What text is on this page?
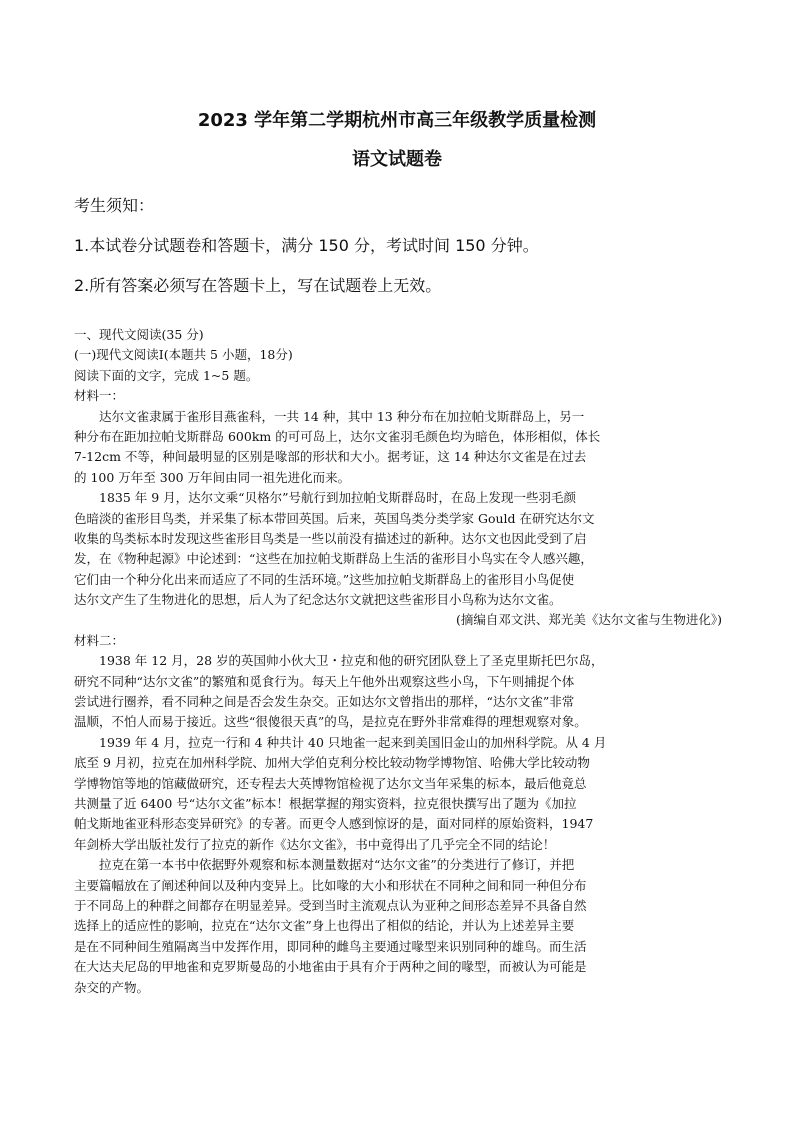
2023 学年第二学期杭州市高三年级教学质量检测
语文试题卷
考生须知：
1.本试卷分试题卷和答题卡，满分 150 分，考试时间 150 分钟。
2.所有答案必须写在答题卡上，写在试题卷上无效。
一、现代文阅读(35 分)
(一)现代文阅读Ⅰ(本题共 5 小题，18分)
阅读下面的文字，完成 1~5 题。
材料一：
达尔文雀隶属于雀形目燕雀科，一共 14 种，其中 13 种分布在加拉帕戈斯群岛上，另一
种分布在距加拉帕戈斯群岛 600km 的可可岛上，达尔文雀羽毛颜色均为暗色，体形相似，体长
7-12cm 不等，种间最明显的区别是喙部的形状和大小。据考证，这 14 种达尔文雀是在过去
的 100 万年至 300 万年间由同一祖先进化而来。
1835 年 9 月，达尔文乘“贝格尔”号航行到加拉帕戈斯群岛时，在岛上发现一些羽毛颜
色暗淡的雀形目鸟类，并采集了标本带回英国。后来，英国鸟类分类学家 Gould 在研究达尔文
收集的鸟类标本时发现这些雀形目鸟类是一些以前没有描述过的新种。达尔文也因此受到了启
发，在《物种起源》中论述到：“这些在加拉帕戈斯群岛上生活的雀形目小鸟实在令人感兴趣，
它们由一个种分化出来而适应了不同的生活环境。”这些加拉帕戈斯群岛上的雀形目小鸟促使
达尔文产生了生物进化的思想，后人为了纪念达尔文就把这些雀形目小鸟称为达尔文雀。
(摘编自邓文洪、郑光美《达尔文雀与生物进化》)
材料二：
1938 年 12 月，28 岁的英国帅小伙大卫・拉克和他的研究团队登上了圣克里斯托巴尔岛，
研究不同种“达尔文雀”的繁殖和觅食行为。每天上午他外出观察这些小鸟，下午则捕捉个体
尝试进行圈养，看不同种之间是否会发生杂交。正如达尔文曾指出的那样，“达尔文雀”非常
温顺，不怕人而易于接近。这些“很傻很天真”的鸟，是拉克在野外非常难得的理想观察对象。
1939 年 4 月，拉克一行和 4 种共计 40 只地雀一起来到美国旧金山的加州科学院。从 4 月
底至 9 月初，拉克在加州科学院、加州大学伯克利分校比较动物学博物馆、哈佛大学比较动物
学博物馆等地的馆藏做研究，还专程去大英博物馆检视了达尔文当年采集的标本，最后他竟总
共测量了近 6400 号“达尔文雀”标本！根据掌握的翔实资料，拉克很快撰写出了题为《加拉
帕戈斯地雀亚科形态变异研究》的专著。而更令人感到惊讶的是，面对同样的原始资料，1947
年剑桥大学出版社发行了拉克的新作《达尔文雀》，书中竟得出了几乎完全不同的结论！
拉克在第一本书中依据野外观察和标本测量数据对“达尔文雀”的分类进行了修订，并把
主要篇幅放在了阐述种间以及种内变异上。比如喙的大小和形状在不同种之间和同一种但分布
于不同岛上的种群之间都存在明显差异。受到当时主流观点认为亚种之间形态差异不具备自然
选择上的适应性的影响，拉克在“达尔文雀”身上也得出了相似的结论，并认为上述差异主要
是在不同种间生殖隔离当中发挥作用，即同种的雌鸟主要通过喙型来识别同种的雄鸟。而生活
在大达夫尼岛的甲地雀和克罗斯曼岛的小地雀由于具有介于两种之间的喙型，而被认为可能是
杂交的产物。
